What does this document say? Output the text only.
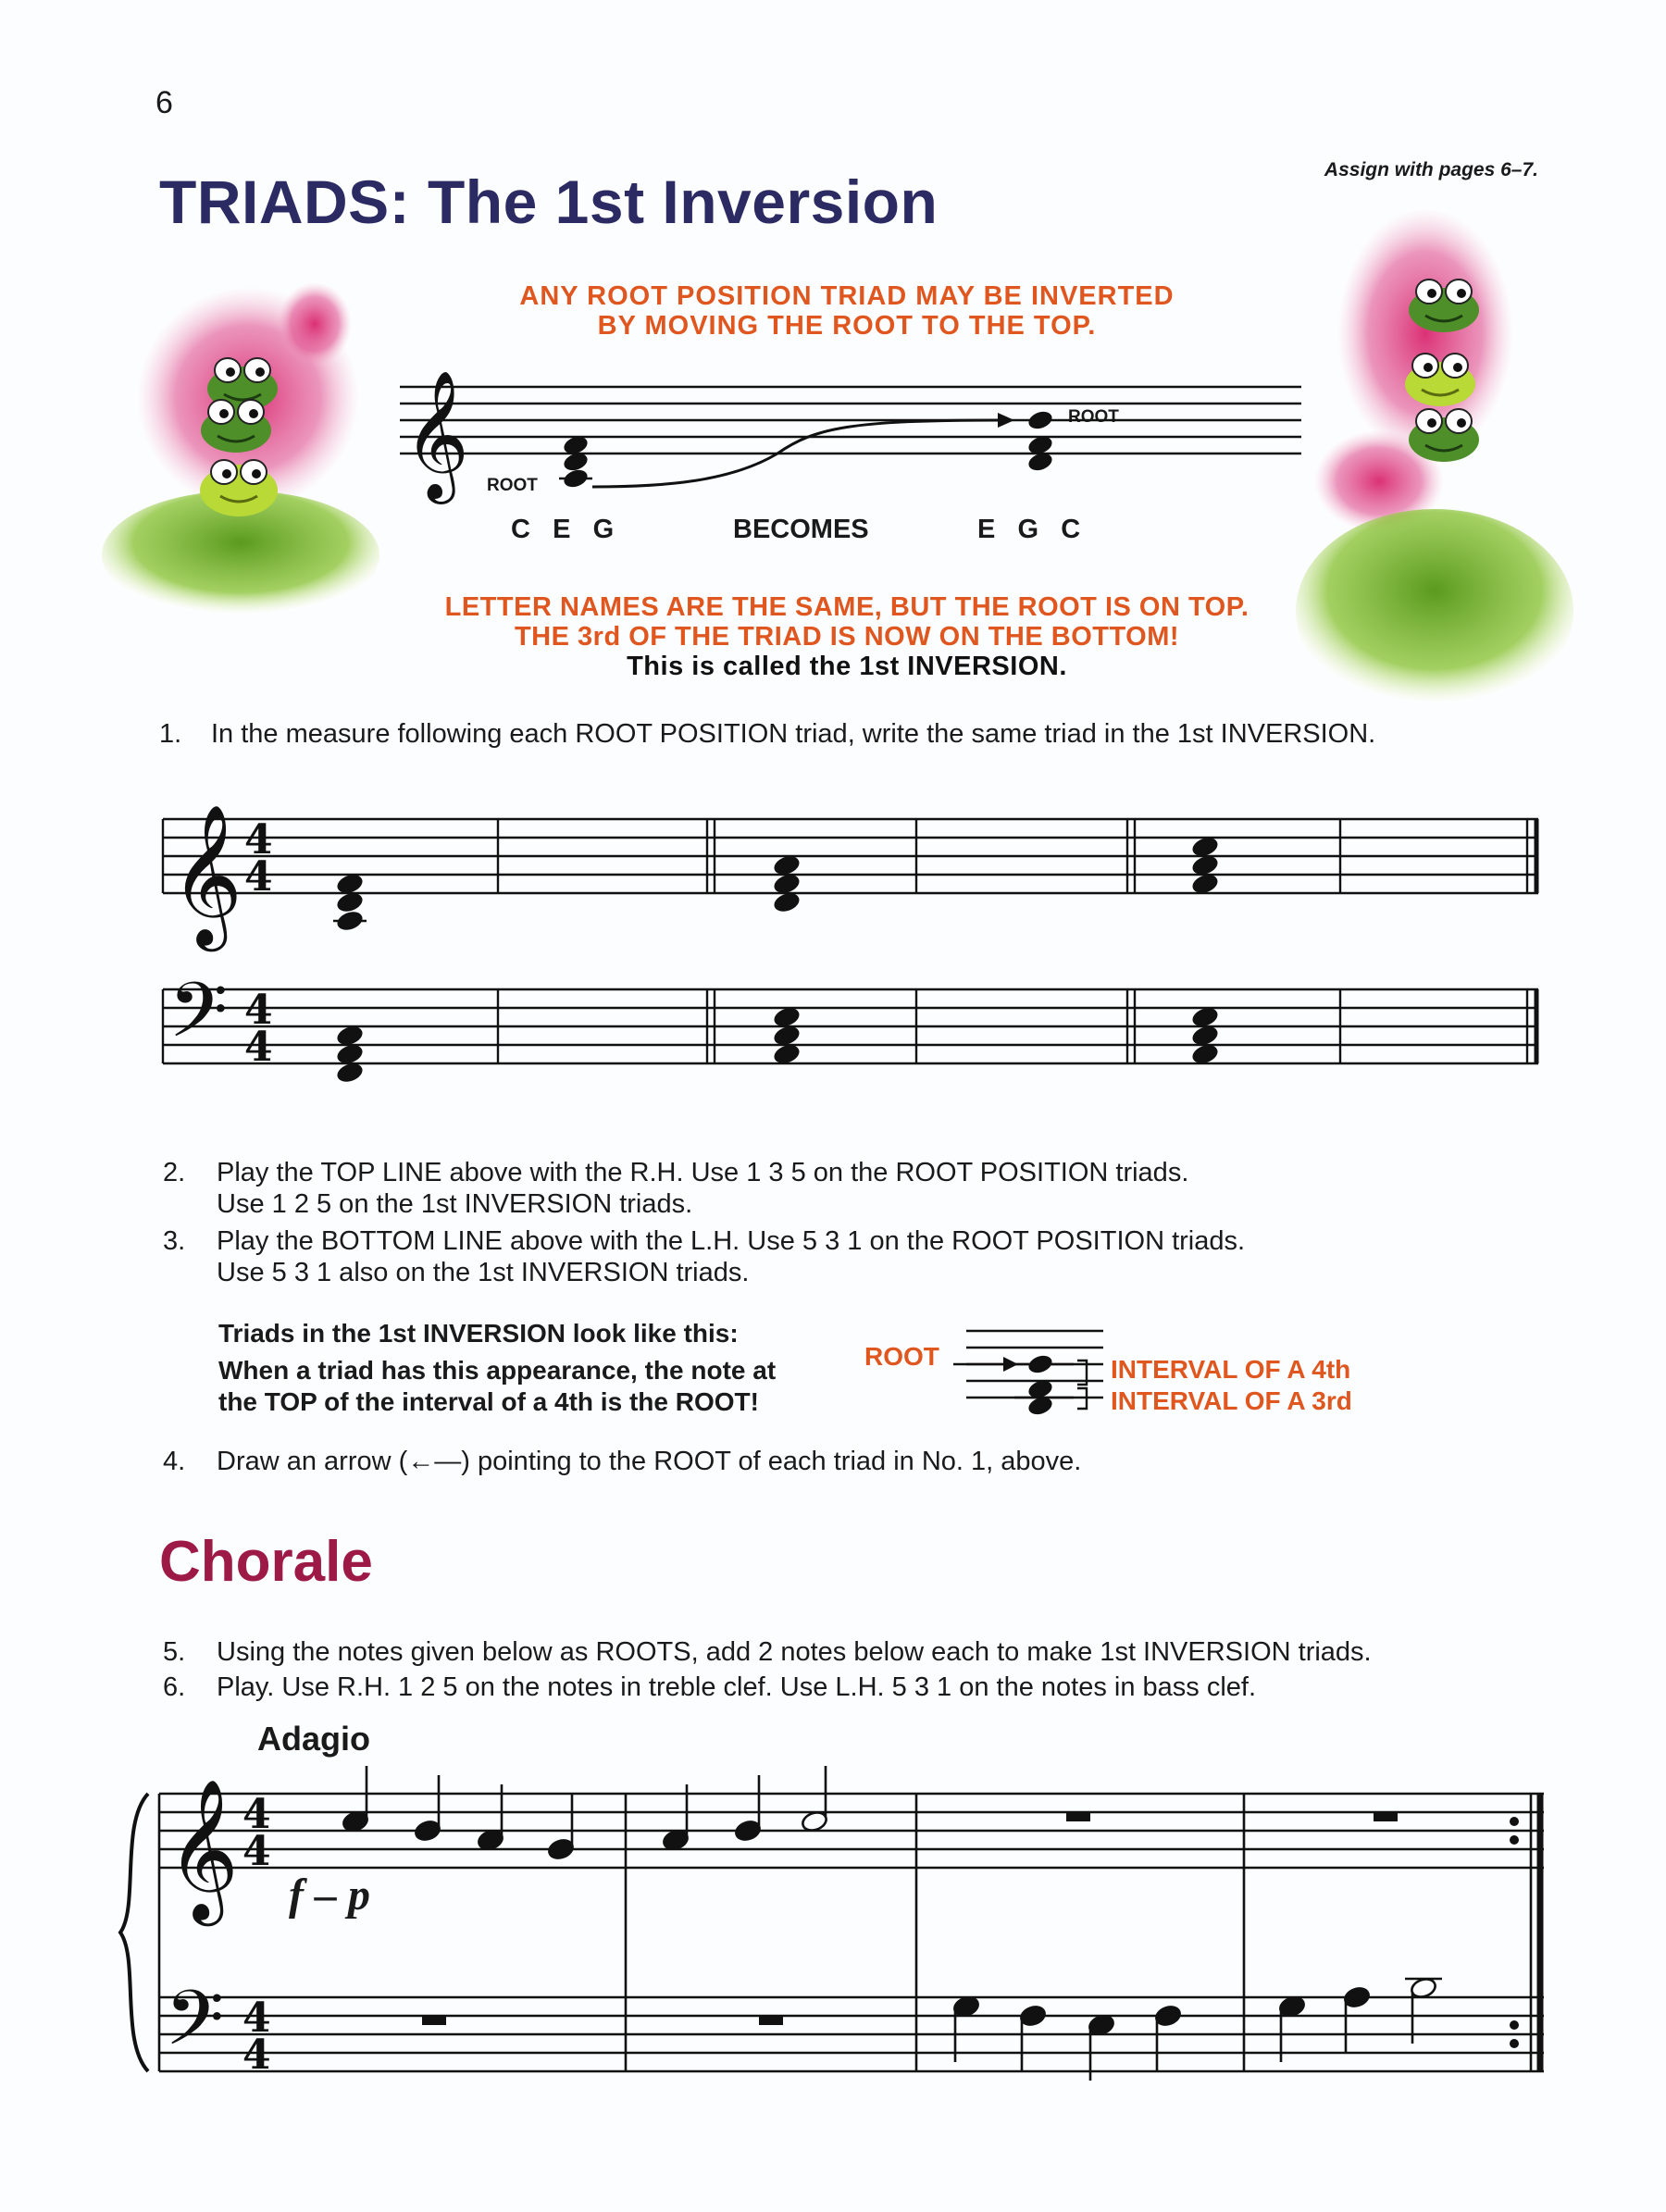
6
Assign with pages 6–7.
TRIADS: The 1st Inversion
ANY ROOT POSITION TRIAD MAY BE INVERTED
BY MOVING THE ROOT TO THE TOP.
ROOT
ROOT
C   E   G	BECOMES	E   G   C
LETTER NAMES ARE THE SAME, BUT THE ROOT IS ON TOP.
THE 3rd OF THE TRIAD IS NOW ON THE BOTTOM!
This is called the 1st INVERSION.
1. In the measure following each ROOT POSITION triad, write the same triad in the 1st INVERSION.
2. Play the TOP LINE above with the R.H. Use 1 3 5 on the ROOT POSITION triads.
Use 1 2 5 on the 1st INVERSION triads.
3. Play the BOTTOM LINE above with the L.H. Use 5 3 1 on the ROOT POSITION triads.
Use 5 3 1 also on the 1st INVERSION triads.
Triads in the 1st INVERSION look like this:
When a triad has this appearance, the note at
the TOP of the interval of a 4th is the ROOT!
ROOT	INTERVAL OF A 4th
INTERVAL OF A 3rd
4. Draw an arrow (←—) pointing to the ROOT of each triad in No. 1, above.
Chorale
5. Using the notes given below as ROOTS, add 2 notes below each to make 1st INVERSION triads.
6. Play. Use R.H. 1 2 5 on the notes in treble clef. Use L.H. 5 3 1 on the notes in bass clef.
Adagio
f – p
𝄞
𝄞 4
4
𝄢 4
4
𝄞
𝄢
4
4
4
4
